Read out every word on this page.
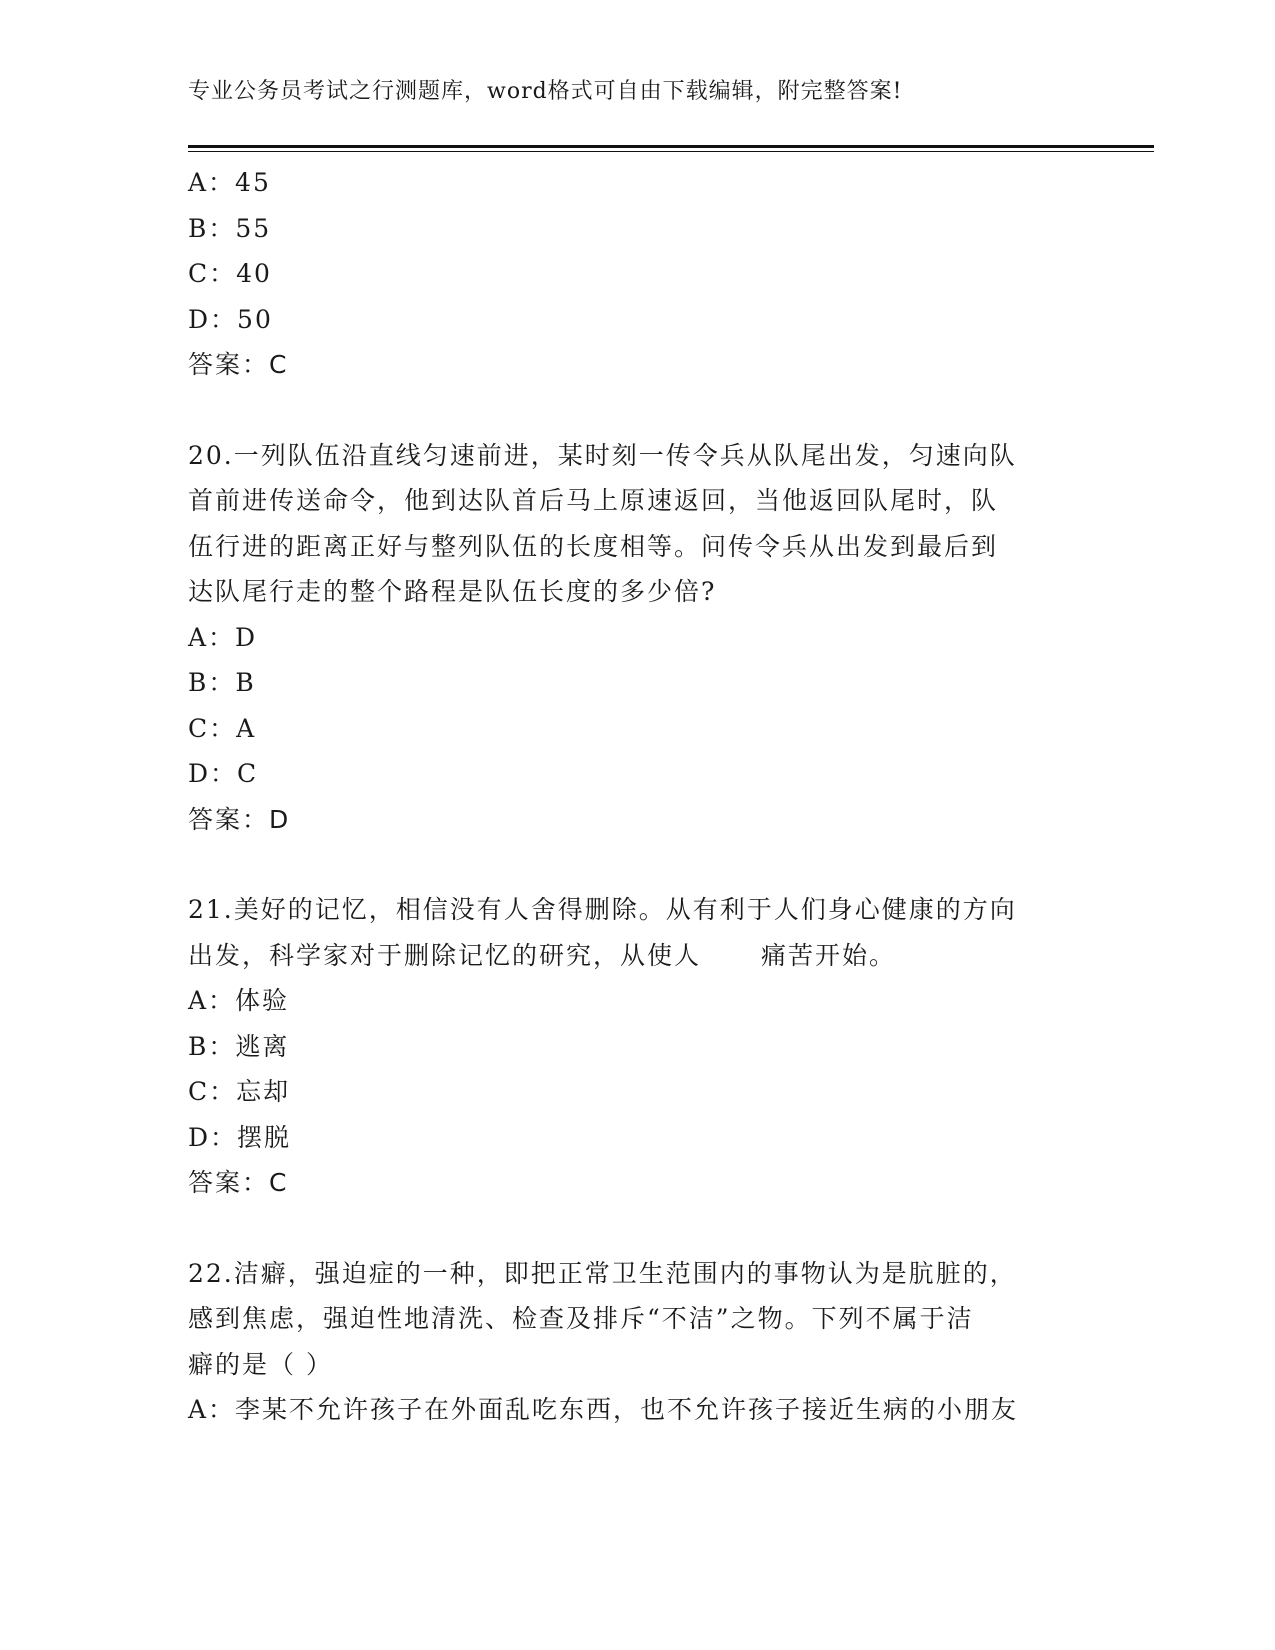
专业公务员考试之行测题库，word格式可自由下载编辑，附完整答案!
A：45
B：55
C：40
D：50
答案：C
20.一列队伍沿直线匀速前进，某时刻一传令兵从队尾出发，匀速向队
首前进传送命令，他到达队首后马上原速返回，当他返回队尾时，队
伍行进的距离正好与整列队伍的长度相等。问传令兵从出发到最后到
达队尾行走的整个路程是队伍长度的多少倍?
A：D
B：B
C：A
D：C
答案：D
21.美好的记忆，相信没有人舍得删除。从有利于人们身心健康的方向
出发，科学家对于删除记忆的研究，从使人 痛苦开始。
A：体验
B：逃离
C：忘却
D：摆脱
答案：C
22.洁癖，强迫症的一种，即把正常卫生范围内的事物认为是肮脏的，
感到焦虑，强迫性地清洗、检查及排斥“不洁”之物。下列不属于洁
癖的是（ ）
A：李某不允许孩子在外面乱吃东西，也不允许孩子接近生病的小朋友
